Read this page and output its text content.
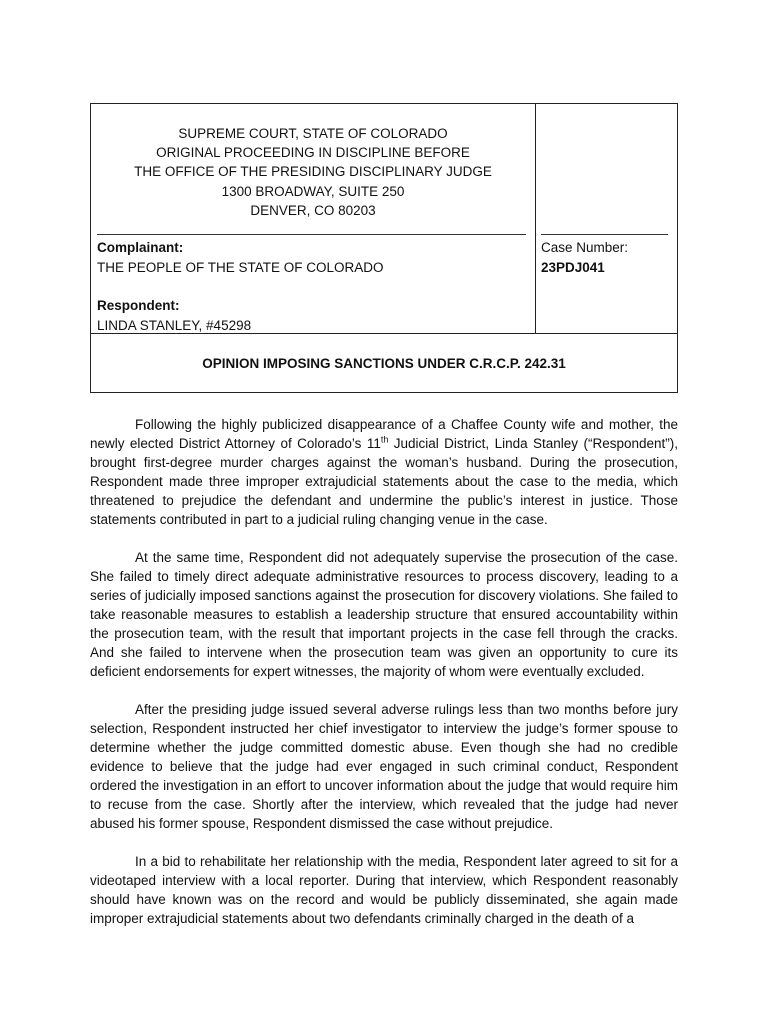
SUPREME COURT, STATE OF COLORADO
ORIGINAL PROCEEDING IN DISCIPLINE BEFORE
THE OFFICE OF THE PRESIDING DISCIPLINARY JUDGE
1300 BROADWAY, SUITE 250
DENVER, CO 80203
Complainant:
THE PEOPLE OF THE STATE OF COLORADO
Respondent:
LINDA STANLEY, #45298
Case Number:
23PDJ041
OPINION IMPOSING SANCTIONS UNDER C.R.C.P. 242.31

Following the highly publicized disappearance of a Chaffee County wife and mother, the newly elected District Attorney of Colorado’s 11th Judicial District, Linda Stanley (“Respondent”), brought first-degree murder charges against the woman’s husband. During the prosecution, Respondent made three improper extrajudicial statements about the case to the media, which threatened to prejudice the defendant and undermine the public’s interest in justice. Those statements contributed in part to a judicial ruling changing venue in the case.

At the same time, Respondent did not adequately supervise the prosecution of the case. She failed to timely direct adequate administrative resources to process discovery, leading to a series of judicially imposed sanctions against the prosecution for discovery violations. She failed to take reasonable measures to establish a leadership structure that ensured accountability within the prosecution team, with the result that important projects in the case fell through the cracks. And she failed to intervene when the prosecution team was given an opportunity to cure its deficient endorsements for expert witnesses, the majority of whom were eventually excluded.

After the presiding judge issued several adverse rulings less than two months before jury selection, Respondent instructed her chief investigator to interview the judge’s former spouse to determine whether the judge committed domestic abuse. Even though she had no credible evidence to believe that the judge had ever engaged in such criminal conduct, Respondent ordered the investigation in an effort to uncover information about the judge that would require him to recuse from the case. Shortly after the interview, which revealed that the judge had never abused his former spouse, Respondent dismissed the case without prejudice.

In a bid to rehabilitate her relationship with the media, Respondent later agreed to sit for a videotaped interview with a local reporter. During that interview, which Respondent reasonably should have known was on the record and would be publicly disseminated, she again made improper extrajudicial statements about two defendants criminally charged in the death of a
